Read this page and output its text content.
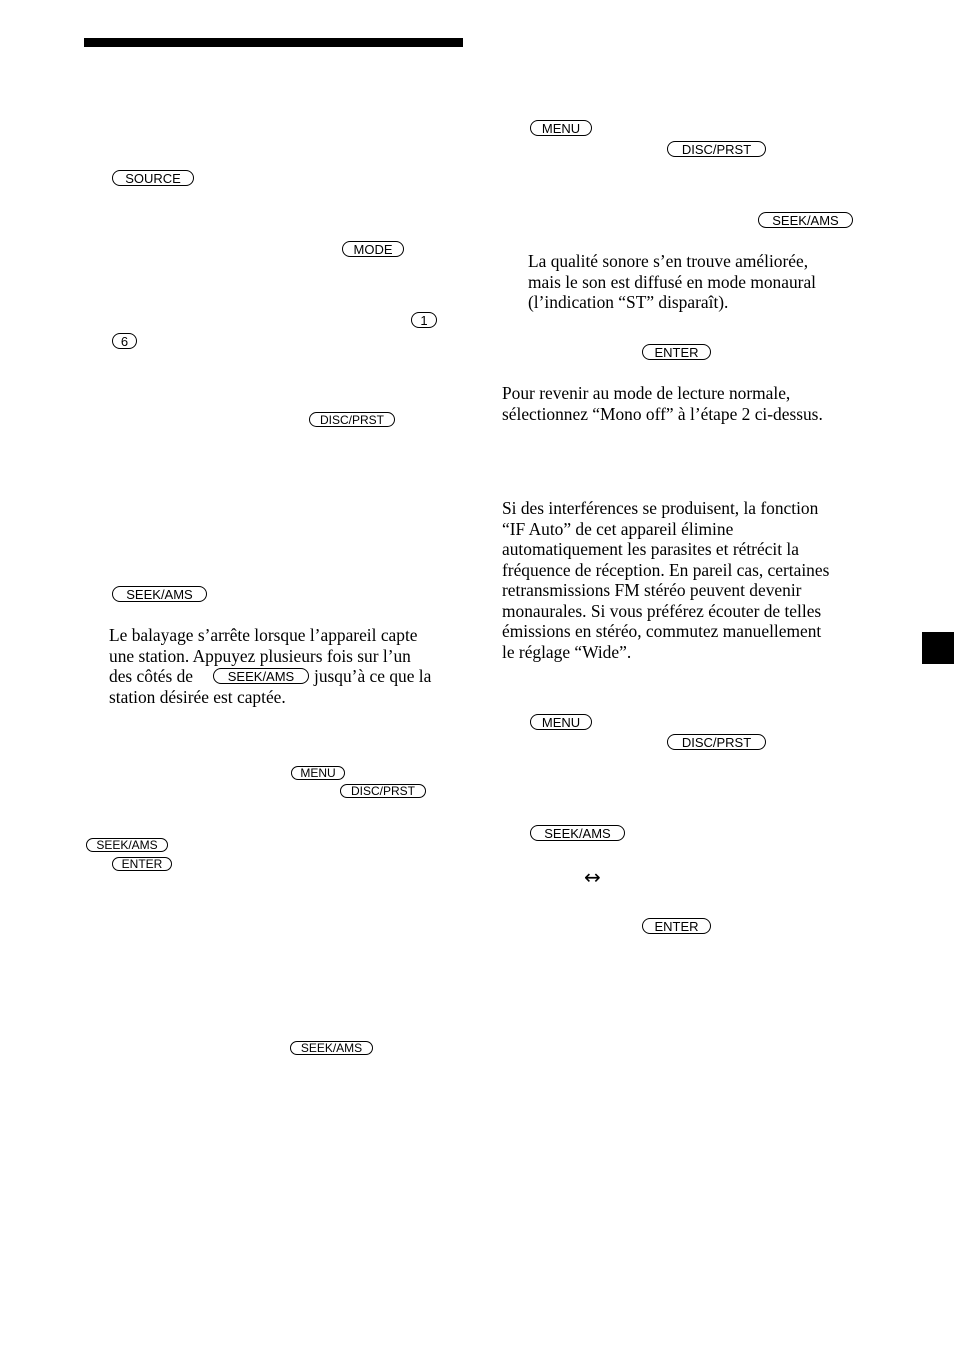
SOURCE
MODE
1
6
DISC/PRST
SEEK/AMS
Le balayage s’arrête lorsque l’appareil capte
une station. Appuyez plusieurs fois sur l’un
des côtés de	jusqu’à ce que la
station désirée est captée.
SEEK/AMS
MENU
DISC/PRST
SEEK/AMS
ENTER
SEEK/AMS
MENU
DISC/PRST
SEEK/AMS
La qualité sonore s’en trouve améliorée,
mais le son est diffusé en mode monaural
(l’indication “ST” disparaît).
ENTER
Pour revenir au mode de lecture normale,
sélectionnez “Mono off” à l’étape 2 ci-dessus.
Si des interférences se produisent, la fonction
“IF Auto” de cet appareil élimine
automatiquement les parasites et rétrécit la
fréquence de réception. En pareil cas, certaines
retransmissions FM stéréo peuvent devenir
monaurales. Si vous préférez écouter de telles
émissions en stéréo, commutez manuellement
le réglage “Wide”.
MENU
DISC/PRST
SEEK/AMS
↔
ENTER
